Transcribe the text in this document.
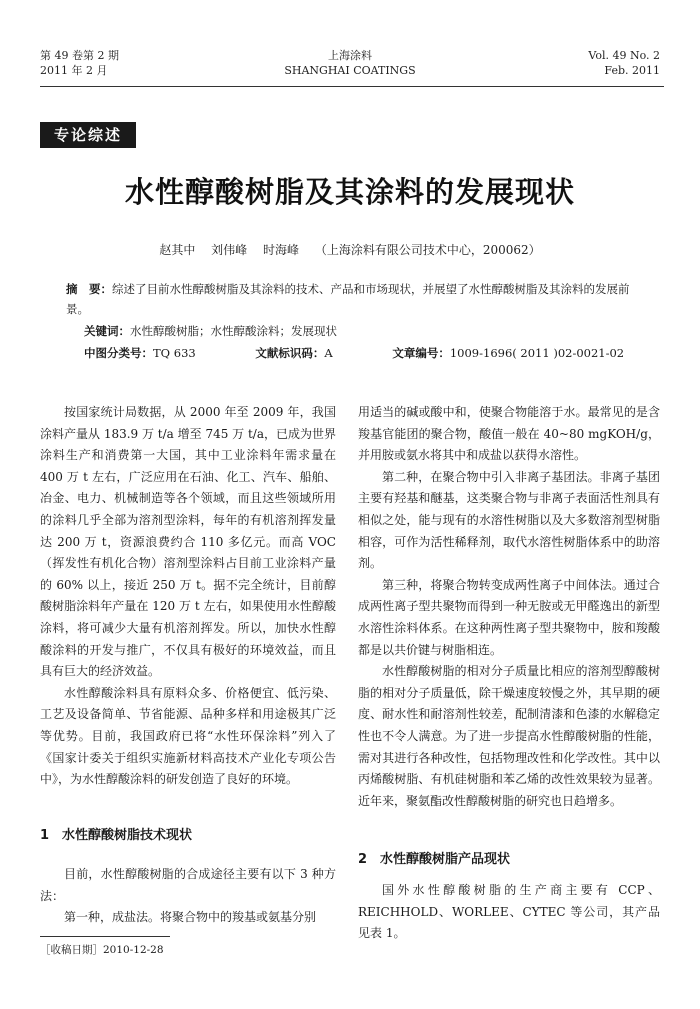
第 49 卷第 2 期
2011 年 2 月
上海涂料
SHANGHAI COATINGS
Vol. 49 No. 2
Feb. 2011
专论综述
水性醇酸树脂及其涂料的发展现状
赵其中 刘伟峰 时海峰 （上海涂料有限公司技术中心，200062）
摘　要：综述了目前水性醇酸树脂及其涂料的技术、产品和市场现状，并展望了水性醇酸树脂及其涂料的发展前景。
关键词：水性醇酸树脂；水性醇酸涂料；发展现状
中图分类号：TQ 633	文献标识码：A	文章编号：1009-1696( 2011 )02-0021-02

按国家统计局数据，从 2000 年至 2009 年，我国涂料产量从 183.9 万 t/a 增至 745 万 t/a，已成为世界涂料生产和消费第一大国，其中工业涂料年需求量在 400 万 t 左右，广泛应用在石油、化工、汽车、船舶、冶金、电力、机械制造等各个领域，而且这些领域所用的涂料几乎全部为溶剂型涂料，每年的有机溶剂挥发量达 200 万 t，资源浪费约合 110 多亿元。而高 VOC（挥发性有机化合物）溶剂型涂料占目前工业涂料产量的 60% 以上，接近 250 万 t。据不完全统计，目前醇酸树脂涂料年产量在 120 万 t 左右，如果使用水性醇酸涂料，将可减少大量有机溶剂挥发。所以，加快水性醇酸涂料的开发与推广，不仅具有极好的环境效益，而且具有巨大的经济效益。

水性醇酸涂料具有原料众多、价格便宜、低污染、工艺及设备简单、节省能源、品种多样和用途极其广泛等优势。目前，我国政府已将“水性环保涂料”列入了《国家计委关于组织实施新材料高技术产业化专项公告中》，为水性醇酸涂料的研发创造了良好的环境。

1　水性醇酸树脂技术现状

目前，水性醇酸树脂的合成途径主要有以下 3 种方法：

第一种，成盐法。将聚合物中的羧基或氨基分别

用适当的碱或酸中和，使聚合物能溶于水。最常见的是含羧基官能团的聚合物，酸值一般在 40~80 mgKOH/g，并用胺或氨水将其中和成盐以获得水溶性。

第二种，在聚合物中引入非离子基团法。非离子基团主要有羟基和醚基，这类聚合物与非离子表面活性剂具有相似之处，能与现有的水溶性树脂以及大多数溶剂型树脂相容，可作为活性稀释剂，取代水溶性树脂体系中的助溶剂。

第三种，将聚合物转变成两性离子中间体法。通过合成两性离子型共聚物而得到一种无胺或无甲醛逸出的新型水溶性涂料体系。在这种两性离子型共聚物中，胺和羧酸都是以共价键与树脂相连。

水性醇酸树脂的相对分子质量比相应的溶剂型醇酸树脂的相对分子质量低，除干燥速度较慢之外，其早期的硬度、耐水性和耐溶剂性较差，配制清漆和色漆的水解稳定性也不令人满意。为了进一步提高水性醇酸树脂的性能，需对其进行各种改性，包括物理改性和化学改性。其中以丙烯酸树脂、有机硅树脂和苯乙烯的改性效果较为显著。近年来，聚氨酯改性醇酸树脂的研究也日趋增多。

2　水性醇酸树脂产品现状

国外水性醇酸树脂的生产商主要有 CCP、REICHHOLD、WORLEE、CYTEC 等公司，其产品见表 1。

［收稿日期］2010-12-28
